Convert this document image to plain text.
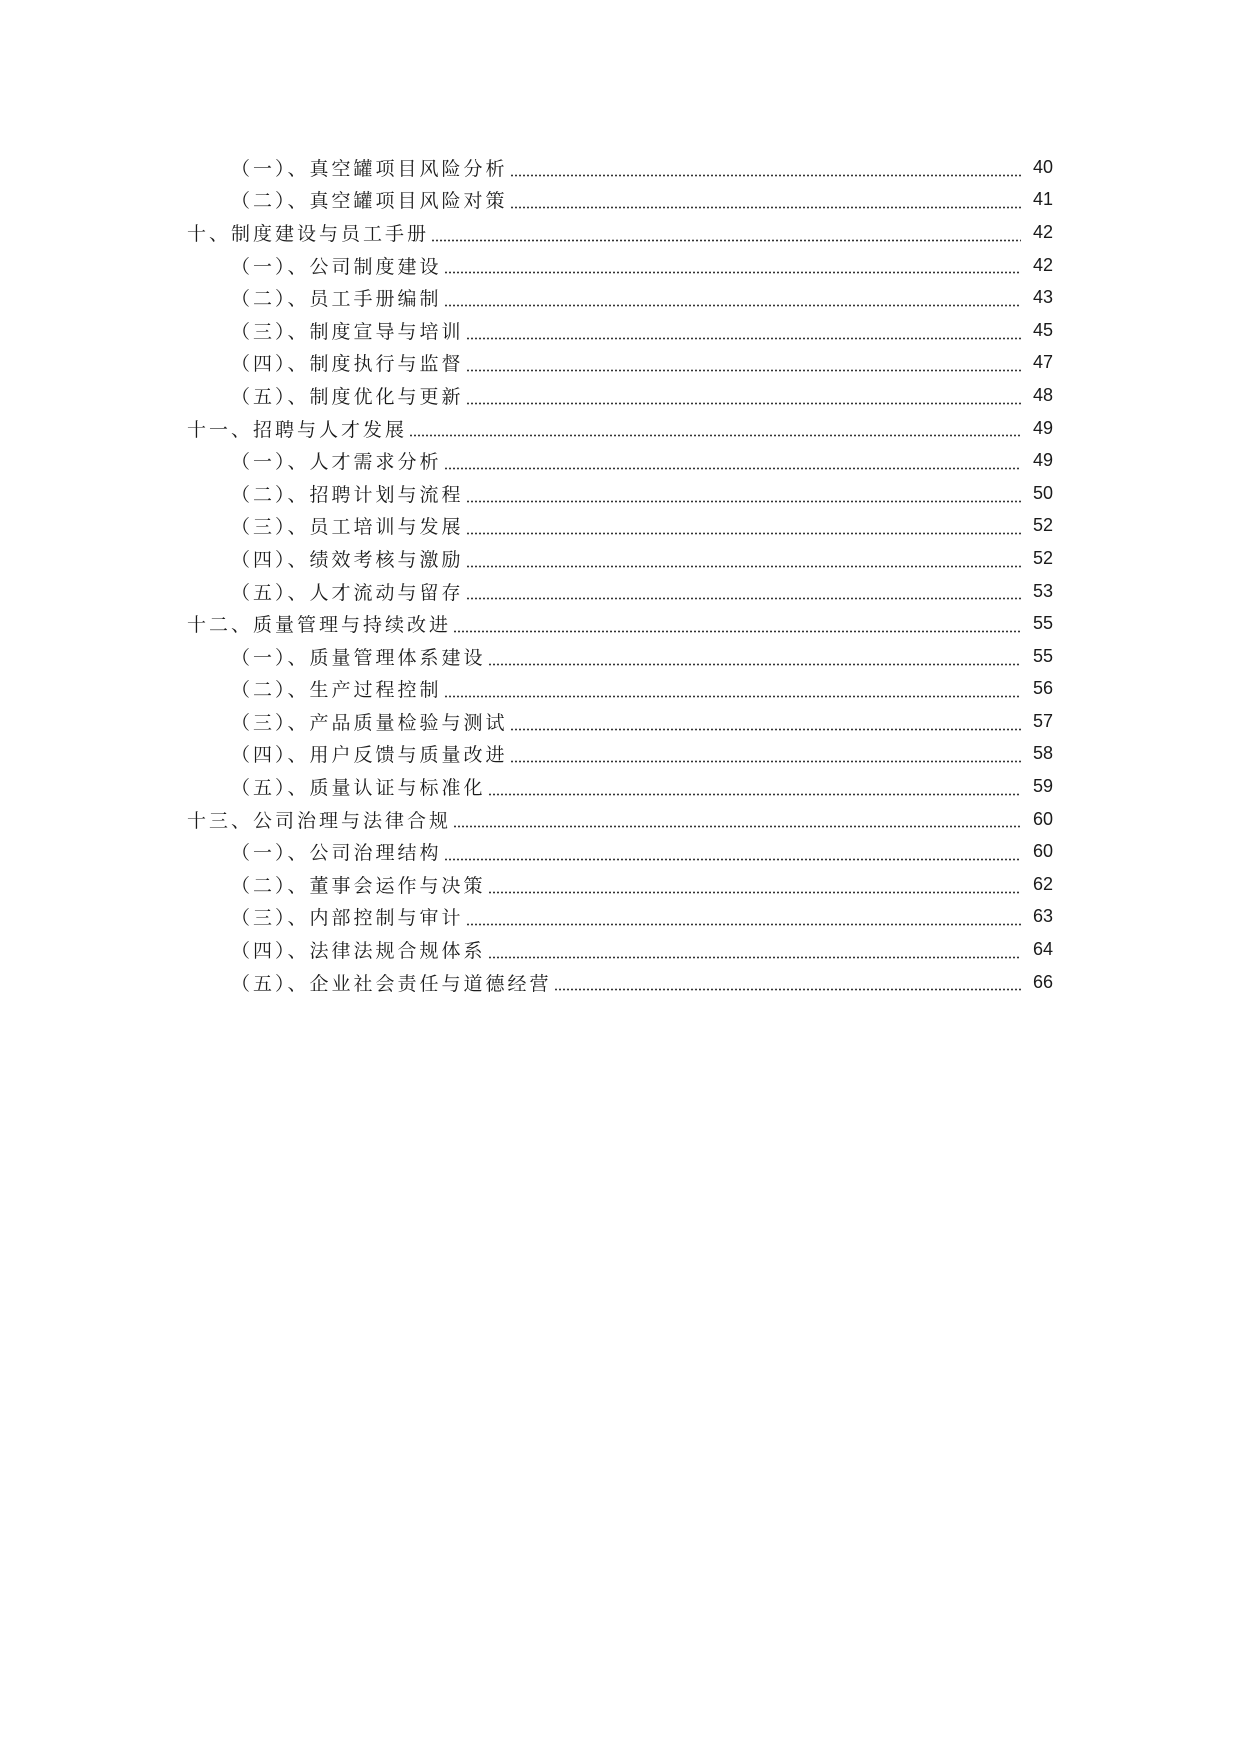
（一）、真空罐项目风险分析	40
（二）、真空罐项目风险对策	41
十、制度建设与员工手册	42
（一）、公司制度建设	42
（二）、员工手册编制	43
（三）、制度宣导与培训	45
（四）、制度执行与监督	47
（五）、制度优化与更新	48
十一、招聘与人才发展	49
（一）、人才需求分析	49
（二）、招聘计划与流程	50
（三）、员工培训与发展	52
（四）、绩效考核与激励	52
（五）、人才流动与留存	53
十二、质量管理与持续改进	55
（一）、质量管理体系建设	55
（二）、生产过程控制	56
（三）、产品质量检验与测试	57
（四）、用户反馈与质量改进	58
（五）、质量认证与标准化	59
十三、公司治理与法律合规	60
（一）、公司治理结构	60
（二）、董事会运作与决策	62
（三）、内部控制与审计	63
（四）、法律法规合规体系	64
（五）、企业社会责任与道德经营	66
